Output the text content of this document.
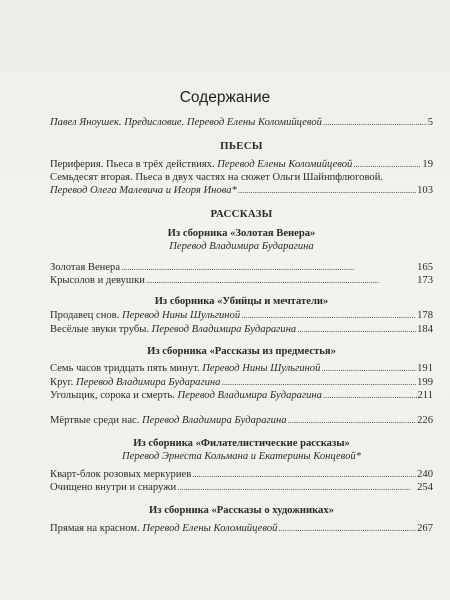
Содержание
Павел Яноушек. Предисловие. Перевод Елены Коломийцевой . . .	5
ПЬЕСЫ
Периферия. Пьеса в трёх действиях.
Перевод Елены Коломийцевой . . .	19
Семьдесят вторая. Пьеса в двух частях на сюжет Ольги Шайнпфлюговой.
Перевод Олега Малевича и Игоря Инова* . . .	103
РАССКАЗЫ
Из сборника «Золотая Венера»
Перевод Владимира Бударагина
Золотая Венера . . .	165
Крысолов и девушки . . .	173
Из сборника «Убийцы и мечтатели»
Продавец снов.
Перевод Нины Шульгиной . . .	178
Весёлые звуки трубы.
Перевод Владимира Бударагина . . .	184
Из сборника «Рассказы из предместья»
Семь часов тридцать пять минут.
Перевод Нины Шульгиной . . .	191
Круг.
Перевод Владимира Бударагина . . .	199
Угольщик, сорока и смерть.
Перевод Владимира Бударагина . . .	211
Мёртвые среди нас.
Перевод Владимира Бударагина . . .	226
Из сборника «Филателистические рассказы»
Перевод Эрнеста Кольмана и Екатерины Концевой*
Кварт-блок розовых меркуриев . . .	240
Очищено внутри и снаружи . . .	254
Из сборника «Рассказы о художниках»
Прямая на красном.
Перевод Елены Коломийцевой . . .	267
